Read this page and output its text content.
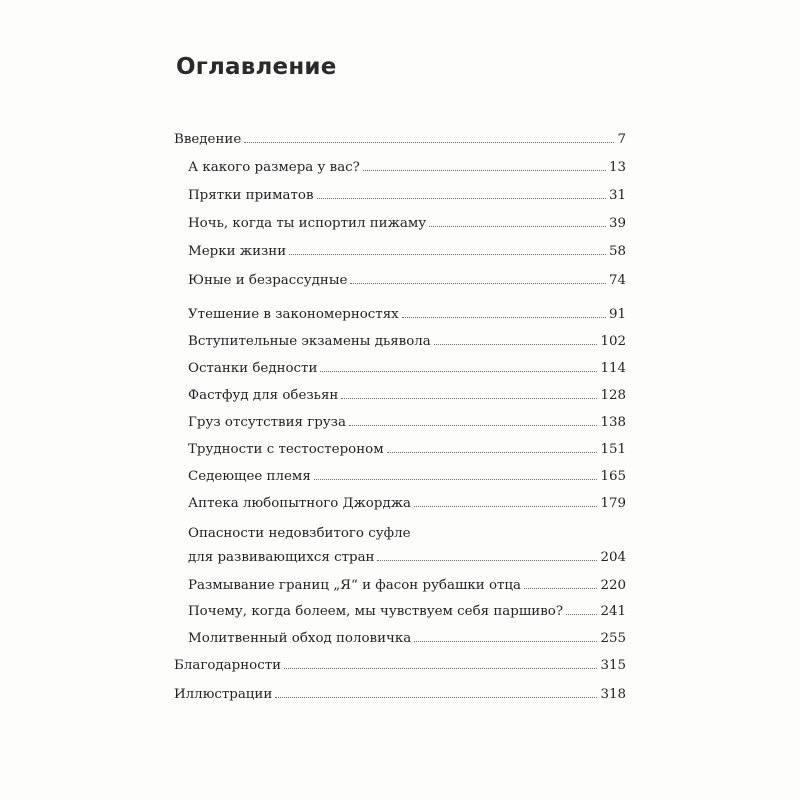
Оглавление
Введение	7
А какого размера у вас?	13
Прятки приматов	31
Ночь, когда ты испортил пижаму	39
Мерки жизни	58
Юные и безрассудные	74
Утешение в закономерностях	91
Вступительные экзамены дьявола	102
Останки бедности	114
Фастфуд для обезьян	128
Груз отсутствия груза	138
Трудности с тестостероном	151
Седеющее племя	165
Аптека любопытного Джорджа	179
Опасности недовзбитого суфле
для развивающихся стран	204
Размывание границ „Я“ и фасон рубашки отца	220
Почему, когда болеем, мы чувствуем себя паршиво?	241
Молитвенный обход половичка	255
Благодарности	315
Иллюстрации	318
